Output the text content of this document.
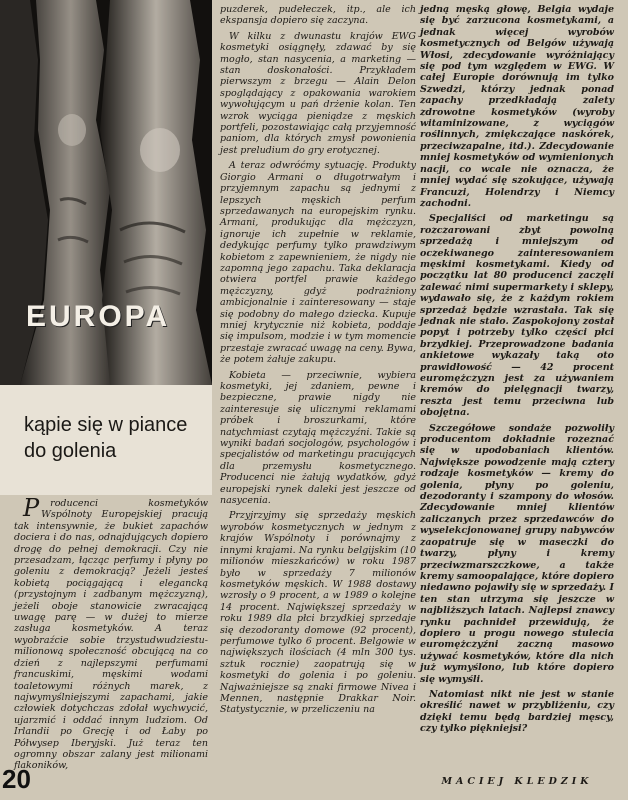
EUROPA
kąpie się w piance do golenia

Producenci kosmetyków Wspólnoty Europejskiej pracują tak intensywnie, że bukiet zapachów dociera i do nas, odnajdujących dopiero drogę do pełnej demokracji. Czy nie przesadzam, łącząc perfumy i płyny po goleniu z demokracją? Jeżeli jesteś kobietą pociągającą i elegancką (przystojnym i zadbanym mężczyzną), jeżeli oboje stanowicie zwracającą uwagę parę — w dużej to mierze zasługa kosmetyków. A teraz wyobraźcie sobie trzystudwudziestu-milionową społeczność obcującą na co dzień z najlepszymi perfumami francuskimi, męskimi wodami toaletowymi różnych marek, z najwymyślniejszymi zapachami, jakie człowiek dotychczas zdołał wychwycić, ujarzmić i oddać innym ludziom. Od Irlandii po Grecję i od Łaby po Półwysep Iberyjski. Już teraz ten ogromny obszar zalany jest milionami flakoników,

puzderek, pudełeczek, itp., ale ich ekspansja dopiero się zaczyna.

W kilku z dwunastu krajów EWG kosmetyki osiągnęły, zdawać by się mogło, stan nasycenia, a marketing — stan doskonałości. Przykładem pierwszym z brzegu — Alain Delon spoglądający z opakowania warokiem wywołującym u pań drżenie kolan. Ten wzrok wyciąga pieniądze z męskich portfeli, pozostawiając całą przyjemność paniom, dla których zmysł powonienia jest preludium do gry erotycznej.

A teraz odwróćmy sytuację. Produkty Giorgio Armani o długotrwałym i przyjemnym zapachu są jednymi z lepszych męskich perfum sprzedawanych na europejskim rynku. Armani, produkując dla mężczyzn, ignoruje ich zupełnie w reklamie, dedykując perfumy tylko prawdziwym kobietom z zapewnieniem, że nigdy nie zapomną jego zapachu. Taka deklaracja otwiera portfel prawie każdego mężczyzny, gdyż podrażniony ambicjonalnie i zainteresowany — staje się podobny do małego dziecka. Kupuje mniej krytycznie niż kobieta, poddaje się impulsom, modzie i w tym momencie przestaje zwracać uwagę na ceny. Bywa, że potem żałuje zakupu.

Kobieta — przeciwnie, wybiera kosmetyki, jej zdaniem, pewne i bezpieczne, prawie nigdy nie zainteresuje się ulicznymi reklamami próbek i broszurkami, które natychmiast czytają mężczyźni. Takie są wyniki badań socjologów, psychologów i specjalistów od marketingu pracujących dla przemysłu kosmetycznego. Producenci nie żałują wydatków, gdyż europejski rynek daleki jest jeszcze od nasycenia.

Przyjrzyjmy się sprzedaży męskich wyrobów kosmetycznych w jednym z krajów Wspólnoty i porównajmy z innymi krajami. Na rynku belgijskim (10 milionów mieszkańców) w roku 1987 było w sprzedaży 7 milionów kosmetyków męskich. W 1988 dostawy wzrosły o 9 procent, a w 1989 o kolejne 14 procent. Największej sprzedaży w roku 1989 dla płci brzydkiej sprzedaje się dezodoranty domowe (92 procent), perfumowe tylko 6 procent. Belgowie w największych ilościach (4 mln 300 tys. sztuk rocznie) zaopatrują się w kosmetyki do golenia i po goleniu. Najważniejsze są znaki firmowe Nivea i Mennen, następnie Drakkar Noir. Statystycznie, w przeliczeniu na

jedną męską głowę, Belgia wydaje się być zarzucona kosmetykami, a jednak więcej wyrobów kosmetycznych od Belgów używają Włosi, zdecydowanie wyróżniający się pod tym względem w EWG. W całej Europie dorównują im tylko Szwedzi, którzy jednak ponad zapachy przedkładają zalety zdrowotne kosmetyków (wyroby witaminizowane, z wyciągów roślinnych, zmiękczające naskórek, przeciwzapalne, itd.). Zdecydowanie mniej kosmetyków od wymienionych nacji, co wcale nie oznacza, że mniej wydać się szokujące, używają Francuzi, Holendrzy i Niemcy zachodni.

Specjaliści od marketingu są rozczarowani zbyt powolną sprzedażą i mniejszym od oczekiwanego zainteresowaniem męskimi kosmetykami. Kiedy od początku lat 80 producenci zaczęli zalewać nimi supermarkety i sklepy, wydawało się, że z każdym rokiem sprzedaż będzie wzrastała. Tak się jednak nie stało. Zaspokojony został popyt i potrzeby tylko części płci brzydkiej. Przeprowadzone badania ankietowe wykazały taką oto prawidłowość — 42 procent euromężczyzn jest za używaniem kremów do pielęgnacji twarzy, reszta jest temu przeciwna lub obojętna.

Szczegółowe sondaże pozwoliły producentom dokładnie rozeznać się w upodobaniach klientów. Największe powodzenie mają cztery rodzaje kosmetyków — kremy do golenia, płyny po goleniu, dezodoranty i szampony do włosów. Zdecydowanie mniej klientów zaliczanych przez sprzedawców do wyselekcjonowanej grupy nabywców zaopatruje się w maseczki do twarzy, płyny i kremy przeciwzmarszczkowe, a także kremy samoopalające, które dopiero niedawno pojawiły się w sprzedaży. I ten stan utrzyma się jeszcze w najbliższych latach. Najlepsi znawcy rynku pachnideł przewidują, że dopiero u progu nowego stulecia euromężczyźni zaczną masowo używać kosmetyków, które dla nich już wymyślono, lub które dopiero się wymyśli.

Natomiast nikt nie jest w stanie określić nawet w przybliżeniu, czy dzięki temu będą bardziej męscy, czy tylko piękniejsi?

20	MACIEJ KLEDZIK
